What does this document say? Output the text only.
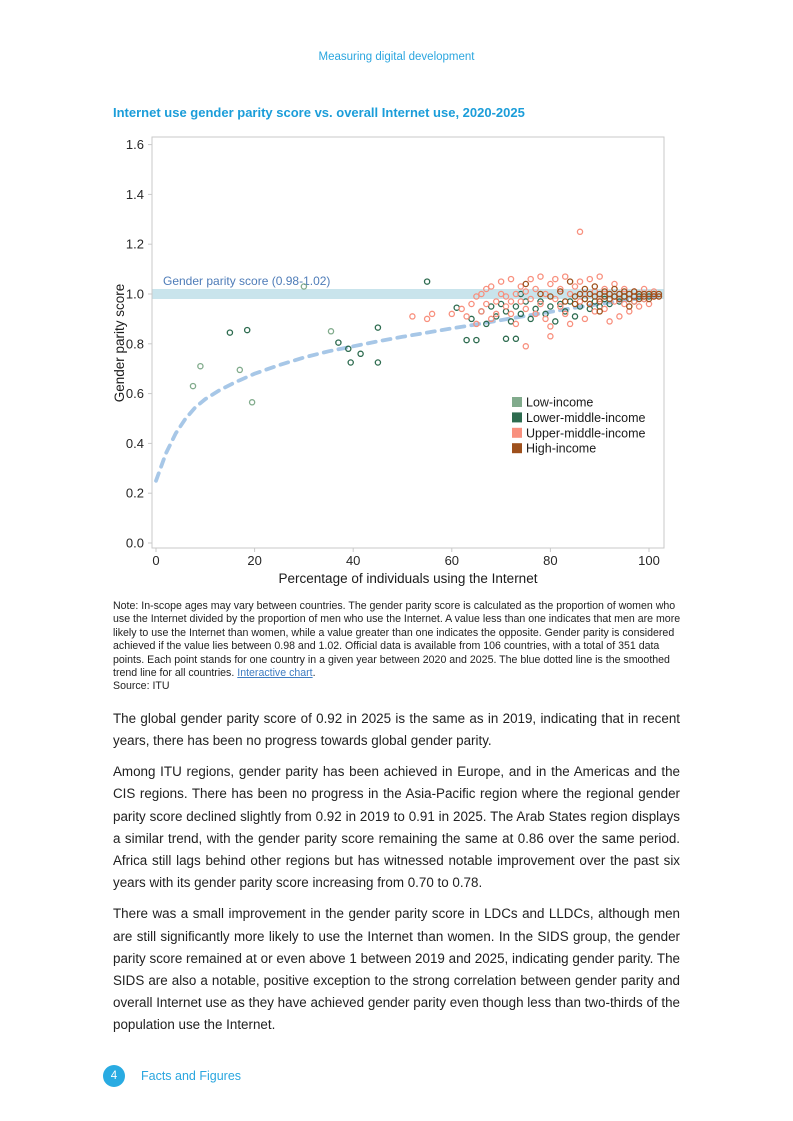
Measuring digital development
Internet use gender parity score vs. overall Internet use, 2020-2025
Gender parity score (0.98-1.02)
0.0
0.2
0.4
0.6
0.8
1.0
1.2
1.4
1.6
0	20	40	60	80	100
Gender parity score
Percentage of individuals using the Internet
Low-income
Lower-middle-income
Upper-middle-income
High-income
Note: In-scope ages may vary between countries. The gender parity score is calculated as the proportion of women who use the Internet divided by the proportion of men who use the Internet. A value less than one indicates that men are more likely to use the Internet than women, while a value greater than one indicates the opposite. Gender parity is considered achieved if the value lies between 0.98 and 1.02. Official data is available from 106 countries, with a total of 351 data points. Each point stands for one country in a given year between 2020 and 2025. The blue dotted line is the smoothed trend line for all countries. Interactive chart.
Source: ITU

The global gender parity score of 0.92 in 2025 is the same as in 2019, indicating that in recent years, there has been no progress towards global gender parity.

Among ITU regions, gender parity has been achieved in Europe, and in the Americas and the CIS regions. There has been no progress in the Asia-Pacific region where the regional gender parity score declined slightly from 0.92 in 2019 to 0.91 in 2025. The Arab States region displays a similar trend, with the gender parity score remaining the same at 0.86 over the same period. Africa still lags behind other regions but has witnessed notable improvement over the past six years with its gender parity score increasing from 0.70 to 0.78.

There was a small improvement in the gender parity score in LDCs and LLDCs, although men are still significantly more likely to use the Internet than women. In the SIDS group, the gender parity score remained at or even above 1 between 2019 and 2025, indicating gender parity. The SIDS are also a notable, positive exception to the strong correlation between gender parity and overall Internet use as they have achieved gender parity even though less than two-thirds of the population use the Internet.

4	Facts and Figures
